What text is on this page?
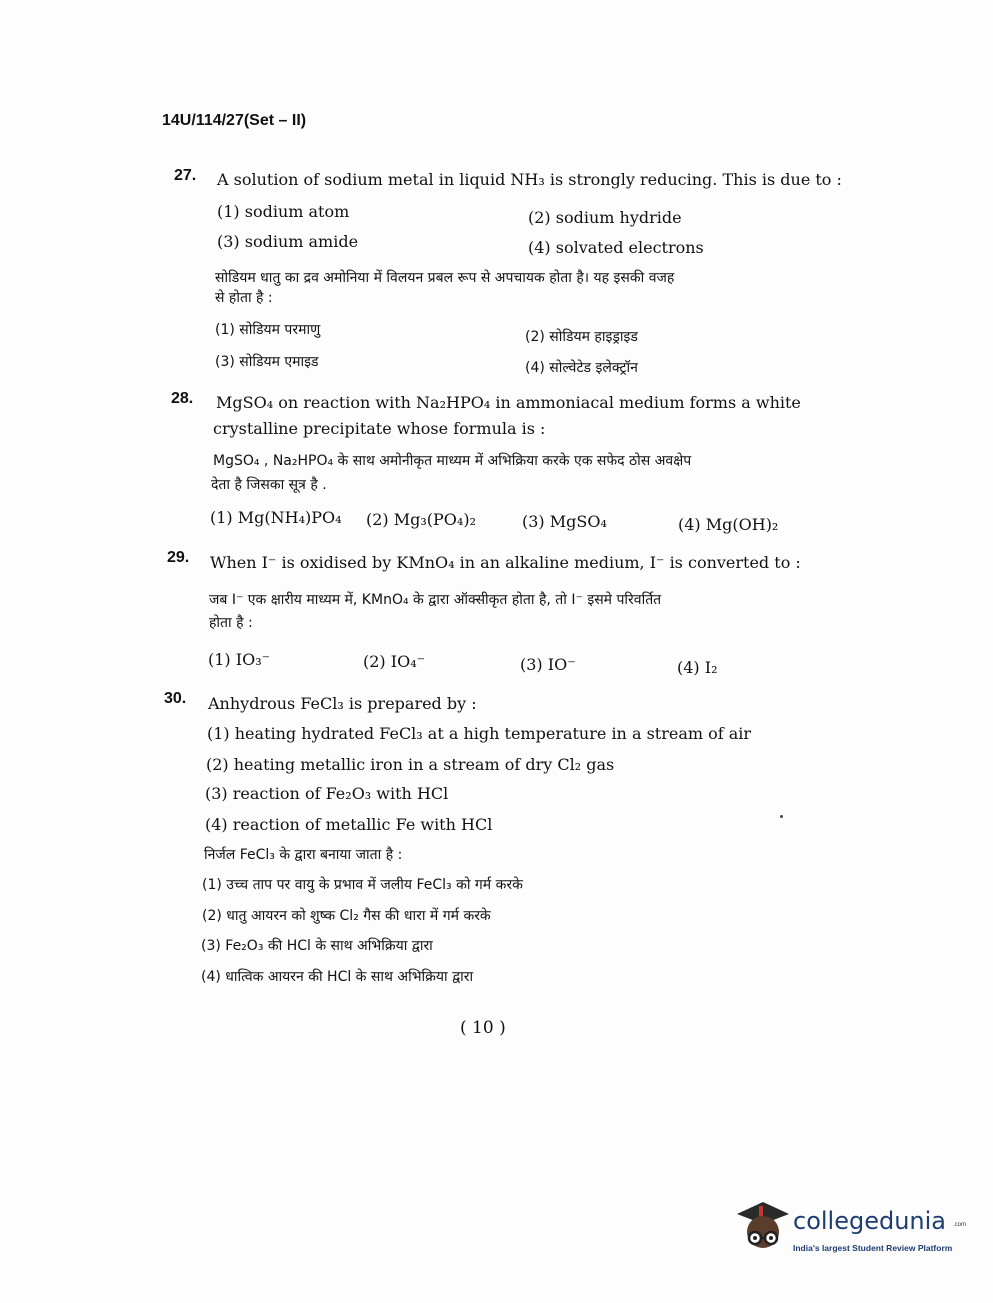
14U/114/27(Set – II)
27. A solution of sodium metal in liquid NH₃ is strongly reducing. This is due to :
(1) sodium atom	(2) sodium hydride
(3) sodium amide	(4) solvated electrons
सोडियम धातु का द्रव अमोनिया में विलयन प्रबल रूप से अपचायक होता है। यह इसकी वजह
से होता है :
(1) सोडियम परमाणु	(2) सोडियम हाइड्राइड
(3) सोडियम एमाइड	(4) सोल्वेटेड इलेक्ट्रॉन
28. MgSO₄ on reaction with Na₂HPO₄ in ammoniacal medium forms a white
crystalline precipitate whose formula is :
MgSO₄ , Na₂HPO₄ के साथ अमोनीकृत माध्यम में अभिक्रिया करके एक सफेद ठोस अवक्षेप
देता है जिसका सूत्र है .
(1) Mg(NH₄)PO₄ (2) Mg₃(PO₄)₂	(3) MgSO₄	(4) Mg(OH)₂
29. When I⁻ is oxidised by KMnO₄ in an alkaline medium, I⁻ is converted to :
जब I⁻ एक क्षारीय माध्यम में, KMnO₄ के द्वारा ऑक्सीकृत होता है, तो I⁻ इसमे परिवर्तित
होता है :
(1) IO₃⁻	(2) IO₄⁻	(3) IO⁻	(4) I₂
30. Anhydrous FeCl₃ is prepared by :
(1) heating hydrated FeCl₃ at a high temperature in a stream of air
(2) heating metallic iron in a stream of dry Cl₂ gas
(3) reaction of Fe₂O₃ with HCl
(4) reaction of metallic Fe with HCl
निर्जल FeCl₃ के द्वारा बनाया जाता है :
(1) उच्च ताप पर वायु के प्रभाव में जलीय FeCl₃ को गर्म करके
(2) धातु आयरन को शुष्क Cl₂ गैस की धारा में गर्म करके
(3) Fe₂O₃ की HCl के साथ अभिक्रिया द्वारा
(4) धात्विक आयरन की HCl के साथ अभिक्रिया द्वारा
( 10 )
collegedunia .com
India's largest Student Review Platform
